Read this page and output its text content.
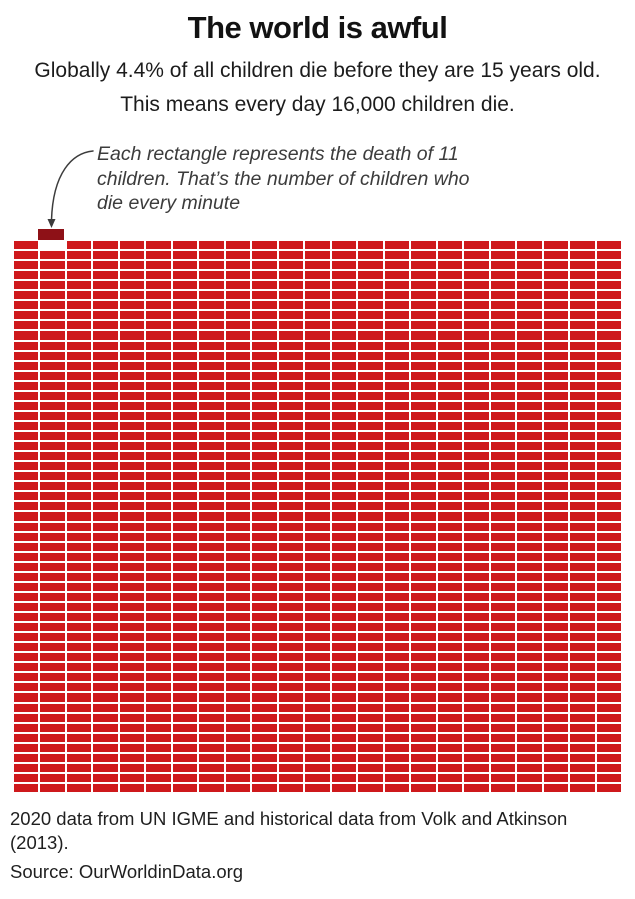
The world is awful
Globally 4.4% of all children die before they are 15 years old.
This means every day 16,000 children die.
Each rectangle represents the death of 11
children. That’s the number of children who
die every minute
2020 data from UN IGME and historical data from Volk and Atkinson (2013).
Source: OurWorldinData.org
